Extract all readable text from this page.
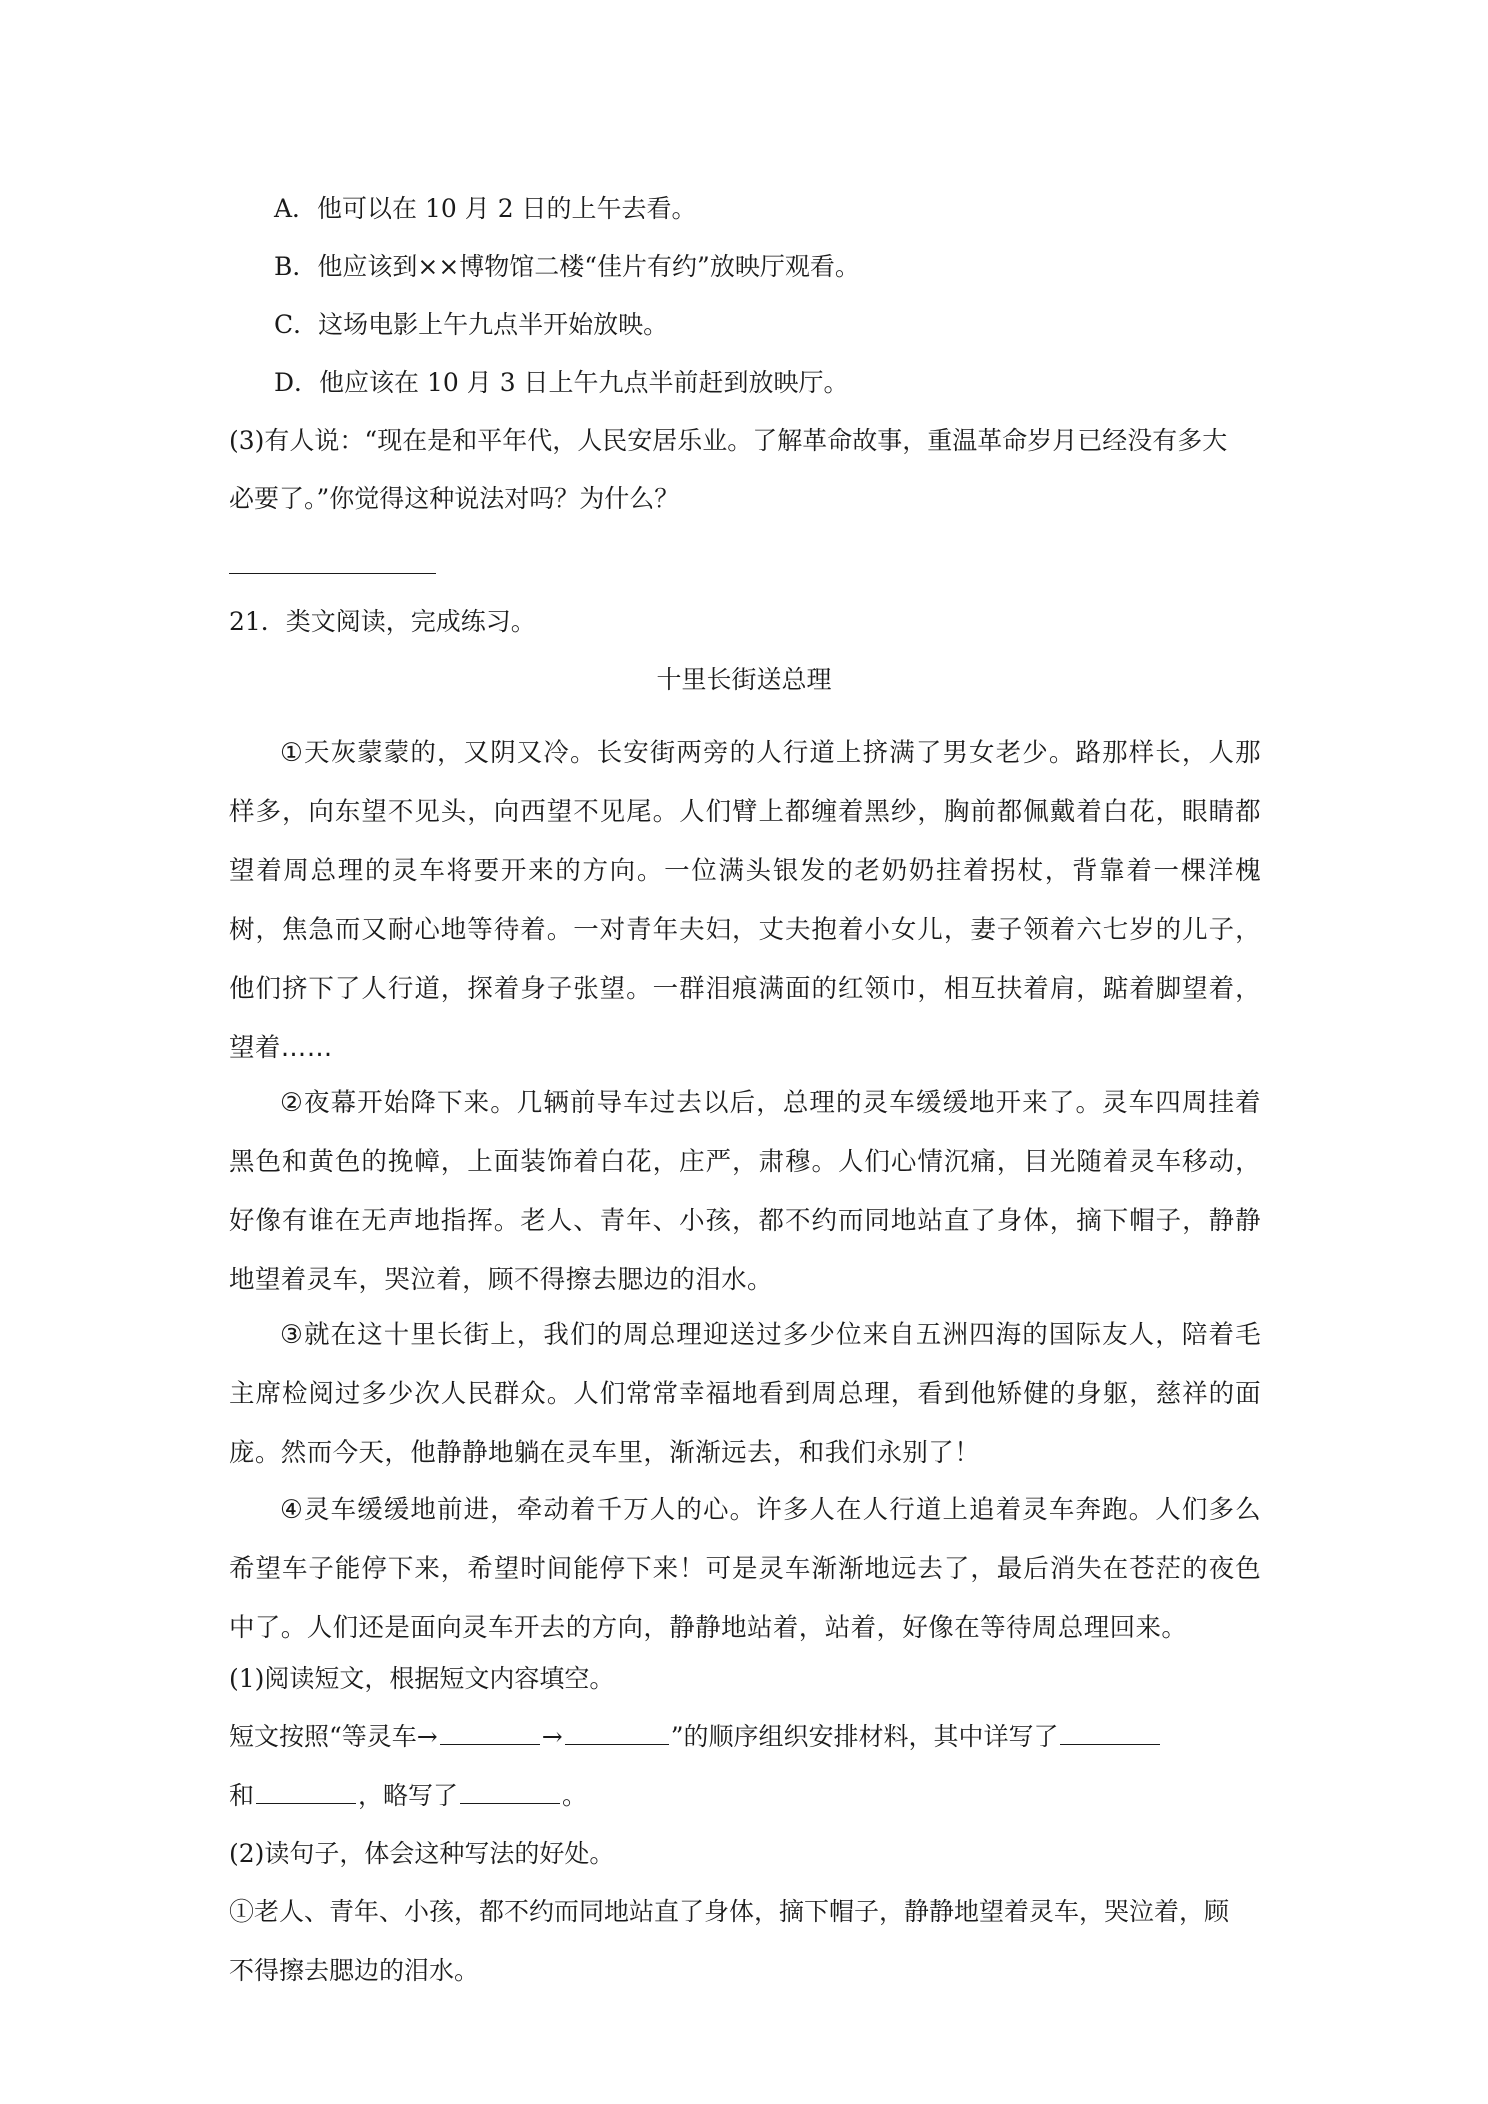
A．他可以在 10 月 2 日的上午去看。

B．他应该到××博物馆二楼“佳片有约”放映厅观看。

C．这场电影上午九点半开始放映。

D．他应该在 10 月 3 日上午九点半前赶到放映厅。

(3)有人说：“现在是和平年代，人民安居乐业。了解革命故事，重温革命岁月已经没有多大

必要了。”你觉得这种说法对吗？为什么？

21．类文阅读，完成练习。

十里长街送总理

①天灰蒙蒙的，又阴又冷。长安街两旁的人行道上挤满了男女老少。路那样长，人那样多，向东望不见头，向西望不见尾。人们臂上都缠着黑纱，胸前都佩戴着白花，眼睛都望着周总理的灵车将要开来的方向。一位满头银发的老奶奶拄着拐杖，背靠着一棵洋槐树，焦急而又耐心地等待着。一对青年夫妇，丈夫抱着小女儿，妻子领着六七岁的儿子，他们挤下了人行道，探着身子张望。一群泪痕满面的红领巾，相互扶着肩，踮着脚望着，望着……

②夜幕开始降下来。几辆前导车过去以后，总理的灵车缓缓地开来了。灵车四周挂着黑色和黄色的挽幛，上面装饰着白花，庄严，肃穆。人们心情沉痛，目光随着灵车移动，好像有谁在无声地指挥。老人、青年、小孩，都不约而同地站直了身体，摘下帽子，静静地望着灵车，哭泣着，顾不得擦去腮边的泪水。

③就在这十里长街上，我们的周总理迎送过多少位来自五洲四海的国际友人，陪着毛主席检阅过多少次人民群众。人们常常幸福地看到周总理，看到他矫健的身躯，慈祥的面庞。然而今天，他静静地躺在灵车里，渐渐远去，和我们永别了！

④灵车缓缓地前进，牵动着千万人的心。许多人在人行道上追着灵车奔跑。人们多么希望车子能停下来，希望时间能停下来！可是灵车渐渐地远去了，最后消失在苍茫的夜色中了。人们还是面向灵车开去的方向，静静地站着，站着，好像在等待周总理回来。

(1)阅读短文，根据短文内容填空。

短文按照“等灵车→	→	”的顺序组织安排材料，其中详写了

和	，略写了	。

(2)读句子，体会这种写法的好处。

①老人、青年、小孩，都不约而同地站直了身体，摘下帽子，静静地望着灵车，哭泣着，顾

不得擦去腮边的泪水。
